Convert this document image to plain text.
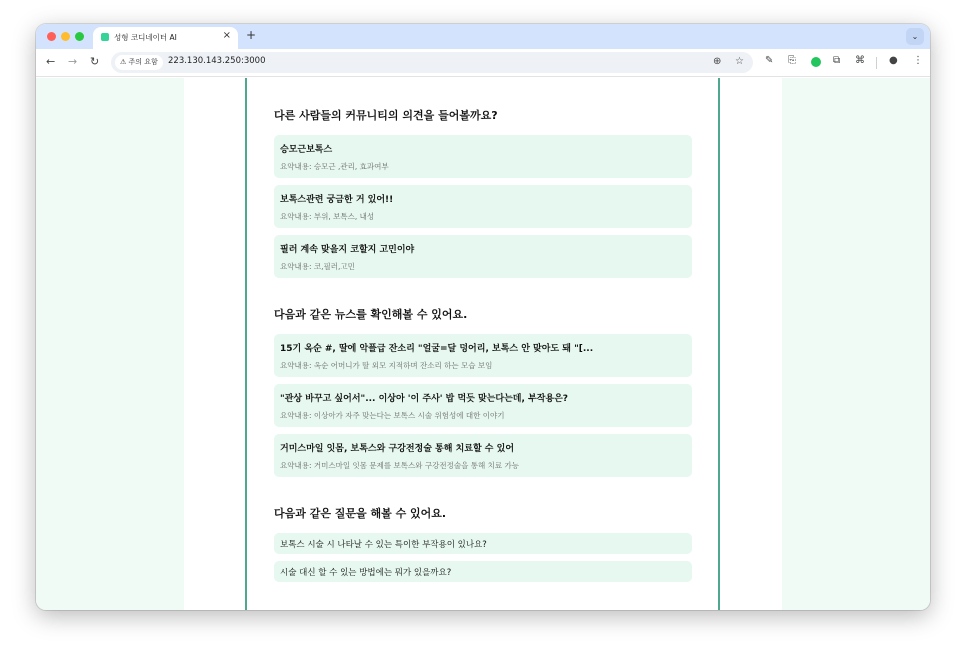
성형 코디네이터 AI	× +	⌄
← → ↻	⚠ 주의 요함	223.130.143.250:3000	⊕ ☆ ✎ ⎘	⧉ ⌘ ● ⋮
다른 사람들의 커뮤니티의 의견을 들어볼까요?
승모근보톡스
요약내용: 승모근 ,관리, 효과여부
보톡스관련 궁금한 거 있어!!
요약내용: 부위, 보톡스, 내성
필러 계속 맞을지 코할지 고민이야
요약내용: 코,필러,고민
다음과 같은 뉴스를 확인해볼 수 있어요.
15기 옥순 #, 딸에 악플급 잔소리 "얼굴=달 덩어리, 보톡스 안 맞아도 돼 "[...
요약내용: 옥순 어머니가 딸 외모 지적하며 잔소리 하는 모습 보임
"관상 바꾸고 싶어서"... 이상아 '이 주사' 밥 먹듯 맞는다는데, 부작용은?
요약내용: 이상아가 자주 맞는다는 보톡스 시술 위험성에 대한 이야기
거미스마일 잇몸, 보톡스와 구강전정술 통해 치료할 수 있어
요약내용: 거미스마일 잇몸 문제를 보톡스와 구강전정술을 통해 치료 가능
다음과 같은 질문을 해볼 수 있어요.
보톡스 시술 시 나타날 수 있는 특이한 부작용이 있나요?
시술 대신 할 수 있는 방법에는 뭐가 있을까요?
